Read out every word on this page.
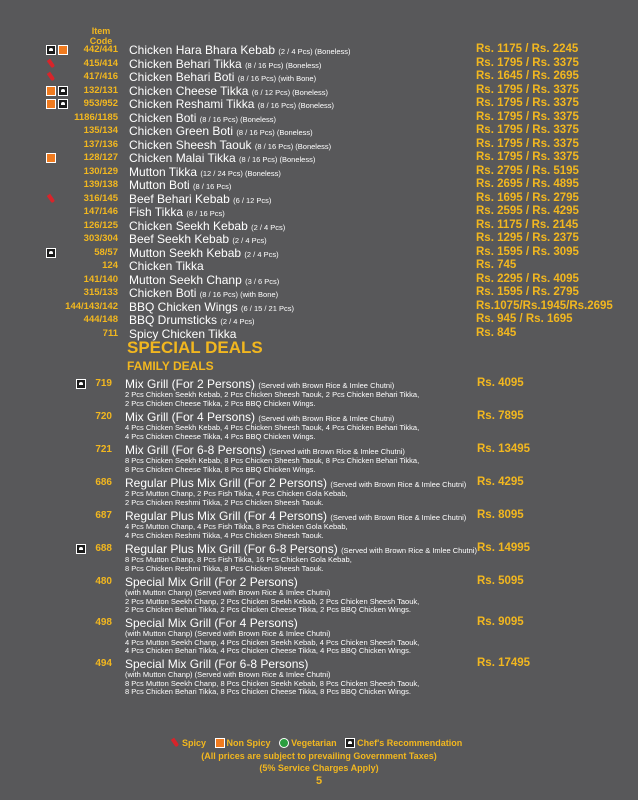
Item
Code
442/441 Chicken Hara Bhara Kebab (2 / 4 Pcs) (Boneless)	Rs. 1175 / Rs. 2245
415/414 Chicken Behari Tikka (8 / 16 Pcs) (Boneless)	Rs. 1795 / Rs. 3375
417/416 Chicken Behari Boti (8 / 16 Pcs) (with Bone)	Rs. 1645 / Rs. 2695
132/131 Chicken Cheese Tikka (6 / 12 Pcs) (Boneless)	Rs. 1795 / Rs. 3375
953/952 Chicken Reshami Tikka (8 / 16 Pcs) (Boneless)	Rs. 1795 / Rs. 3375
1186/1185 Chicken Boti (8 / 16 Pcs) (Boneless)	Rs. 1795 / Rs. 3375
135/134 Chicken Green Boti (8 / 16 Pcs) (Boneless)	Rs. 1795 / Rs. 3375
137/136 Chicken Sheesh Taouk (8 / 16 Pcs) (Boneless)	Rs. 1795 / Rs. 3375
128/127 Chicken Malai Tikka (8 / 16 Pcs) (Boneless)	Rs. 1795 / Rs. 3375
130/129 Mutton Tikka (12 / 24 Pcs) (Boneless)	Rs. 2795 / Rs. 5195
139/138 Mutton Boti (8 / 16 Pcs)	Rs. 2695 / Rs. 4895
316/145 Beef Behari Kebab (6 / 12 Pcs)	Rs. 1695 / Rs. 2795
147/146 Fish Tikka (8 / 16 Pcs)	Rs. 2595 / Rs. 4295
126/125 Chicken Seekh Kebab (2 / 4 Pcs)	Rs. 1175 / Rs. 2145
303/304 Beef Seekh Kebab (2 / 4 Pcs)	Rs. 1295 / Rs. 2375
58/57 Mutton Seekh Kebab (2 / 4 Pcs)	Rs. 1595 / Rs. 3095
124 Chicken Tikka	Rs. 745
141/140 Mutton Seekh Chanp (3 / 6 Pcs)	Rs. 2295 / Rs. 4095
315/133 Chicken Boti (8 / 16 Pcs) (with Bone)	Rs. 1595 / Rs. 2795
144/143/142 BBQ Chicken Wings (6 / 15 / 21 Pcs)	Rs.1075/Rs.1945/Rs.2695
444/148 BBQ Drumsticks (2 / 4 Pcs)	Rs. 945 / Rs. 1695
711 Spicy Chicken Tikka	Rs. 845
SPECIAL DEALS
FAMILY DEALS
719 Mix Grill (For 2 Persons) (Served with Brown Rice & Imlee Chutni)
2 Pcs Chicken Seekh Kebab, 2 Pcs Chicken Sheesh Taouk, 2 Pcs Chicken Behari Tikka,
2 Pcs Chicken Cheese Tikka, 2 Pcs BBQ Chicken Wings.
Rs. 4095
720 Mix Grill (For 4 Persons) (Served with Brown Rice & Imlee Chutni)
4 Pcs Chicken Seekh Kebab, 4 Pcs Chicken Sheesh Taouk, 4 Pcs Chicken Behari Tikka,
4 Pcs Chicken Cheese Tikka, 4 Pcs BBQ Chicken Wings.
Rs. 7895
721 Mix Grill (For 6-8 Persons) (Served with Brown Rice & Imlee Chutni)
8 Pcs Chicken Seekh Kebab, 8 Pcs Chicken Sheesh Taouk, 8 Pcs Chicken Behari Tikka,
8 Pcs Chicken Cheese Tikka, 8 Pcs BBQ Chicken Wings.
Rs. 13495
686 Regular Plus Mix Grill (For 2 Persons) (Served with Brown Rice & Imlee Chutni)
2 Pcs Mutton Chanp, 2 Pcs Fish Tikka, 4 Pcs Chicken Gola Kebab,
2 Pcs Chicken Reshmi Tikka, 2 Pcs Chicken Sheesh Taouk.
Rs. 4295
687 Regular Plus Mix Grill (For 4 Persons) (Served with Brown Rice & Imlee Chutni)
4 Pcs Mutton Chanp, 4 Pcs Fish Tikka, 8 Pcs Chicken Gola Kebab,
4 Pcs Chicken Reshmi Tikka, 4 Pcs Chicken Sheesh Taouk.
Rs. 8095
688 Regular Plus Mix Grill (For 6-8 Persons) (Served with Brown Rice & Imlee Chutni)
8 Pcs Mutton Chanp, 8 Pcs Fish Tikka, 16 Pcs Chicken Gola Kebab,
8 Pcs Chicken Reshmi Tikka, 8 Pcs Chicken Sheesh Taouk.
Rs. 14995
480 Special Mix Grill (For 2 Persons)
(with Mutton Chanp) (Served with Brown Rice & Imlee Chutni)
2 Pcs Mutton Seekh Chanp, 2 Pcs Chicken Seekh Kebab, 2 Pcs Chicken Sheesh Taouk,
2 Pcs Chicken Behari Tikka, 2 Pcs Chicken Cheese Tikka, 2 Pcs BBQ Chicken Wings.
Rs. 5095
498 Special Mix Grill (For 4 Persons)
(with Mutton Chanp) (Served with Brown Rice & Imlee Chutni)
4 Pcs Mutton Seekh Chanp, 4 Pcs Chicken Seekh Kebab, 4 Pcs Chicken Sheesh Taouk,
4 Pcs Chicken Behari Tikka, 4 Pcs Chicken Cheese Tikka, 4 Pcs BBQ Chicken Wings.
Rs. 9095
494 Special Mix Grill (For 6-8 Persons)
(with Mutton Chanp) (Served with Brown Rice & Imlee Chutni)
8 Pcs Mutton Seekh Chanp, 8 Pcs Chicken Seekh Kebab, 8 Pcs Chicken Sheesh Taouk,
8 Pcs Chicken Behari Tikka, 8 Pcs Chicken Cheese Tikka, 8 Pcs BBQ Chicken Wings.
Rs. 17495
Spicy Non Spicy Vegetarian Chef's Recommendation
(All prices are subject to prevailing Government Taxes)
(5% Service Charges Apply)
5
